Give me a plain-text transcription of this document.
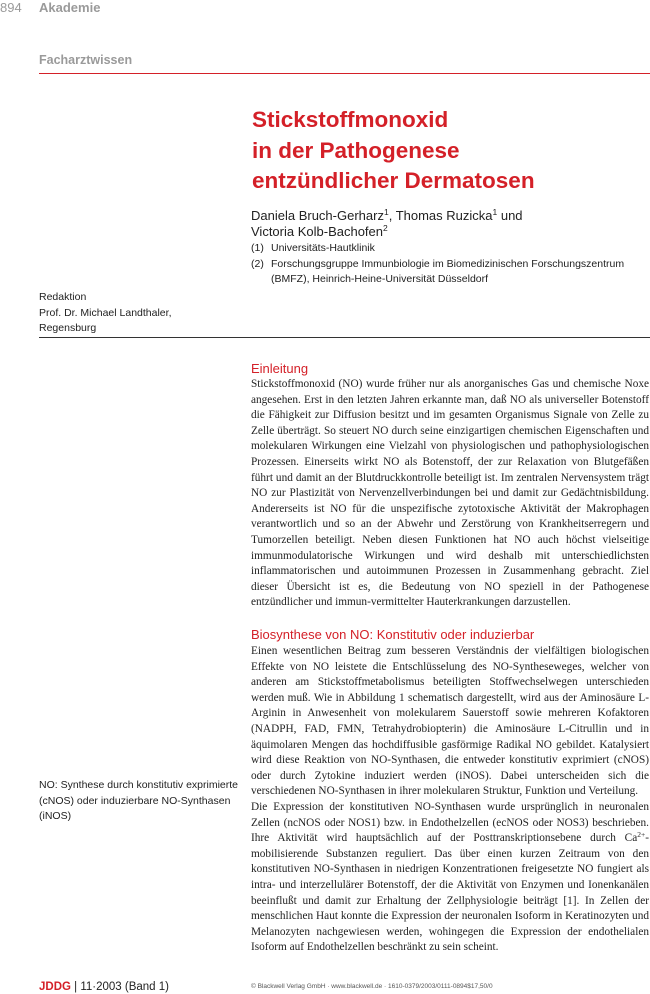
894 Akademie
Facharztwissen
Stickstoffmonoxid
in der Pathogenese
entzündlicher Dermatosen
Daniela Bruch-Gerharz$^1$, Thomas Ruzicka$^1$ und
Victoria Kolb-Bachofen$^2$
(1) Universitäts-Hautklinik
(2) Forschungsgruppe Immunbiologie im Biomedizinischen Forschungszentrum (BMFZ), Heinrich-Heine-Universität Düsseldorf
Redaktion
Prof. Dr. Michael Landthaler,
Regensburg
Einleitung

Stickstoffmonoxid (NO) wurde früher nur als anorganisches Gas und chemische Noxe angesehen. Erst in den letzten Jahren erkannte man, daß NO als universeller Botenstoff die Fähigkeit zur Diffusion besitzt und im gesamten Organismus Signale von Zelle zu Zelle überträgt. So steuert NO durch seine einzigartigen chemischen Eigenschaften und molekularen Wirkungen eine Vielzahl von physiologischen und pathophysiologischen Prozessen. Einerseits wirkt NO als Botenstoff, der zur Relaxation von Blutgefäßen führt und damit an der Blutdruckkontrolle beteiligt ist. Im zentralen Nervensystem trägt NO zur Plastizität von Nervenzellverbindungen bei und damit zur Gedächtnisbildung. Andererseits ist NO für die unspezifische zytotoxische Aktivität der Makrophagen verantwortlich und so an der Abwehr und Zerstörung von Krankheitserregern und Tumorzellen beteiligt. Neben diesen Funktionen hat NO auch höchst vielseitige immunmodulatorische Wirkungen und wird deshalb mit unterschiedlichsten inflammatorischen und autoimmunen Prozessen in Zusammenhang gebracht. Ziel dieser Übersicht ist es, die Bedeutung von NO speziell in der Pathogenese entzündlicher und immun-vermittelter Hauterkrankungen darzustellen.

Biosynthese von NO: Konstitutiv oder induzierbar
Einen wesentlichen Beitrag zum besseren Verständnis der vielfältigen biologischen Effekte von NO leistete die Entschlüsselung des NO-Syntheseweges, welcher von anderen am Stickstoffmetabolismus beteiligten Stoffwechselwegen unterschieden werden muß. Wie in Abbildung 1 schematisch dargestellt, wird aus der Aminosäure L-Arginin in Anwesenheit von molekularem Sauerstoff sowie mehreren Kofaktoren (NADPH, FAD, FMN, Tetrahydrobiopterin) die Aminosäure L-Citrullin und in äquimolaren Mengen das hochdiffusible gasförmige Radikal NO gebildet. Katalysiert wird diese Reaktion von NO-Synthasen, die entweder konstitutiv exprimiert (cNOS) oder durch Zytokine induziert werden (iNOS). Dabei unterscheiden sich die verschiedenen NO-Synthasen in ihrer molekularen Struktur, Funktion und Verteilung.
Die Expression der konstitutiven NO-Synthasen wurde ursprünglich in neuronalen Zellen (ncNOS oder NOS1) bzw. in Endothelzellen (ecNOS oder NOS3) beschrieben. Ihre Aktivität wird hauptsächlich auf der Posttranskriptionsebene durch $Ca^{2+}$-mobilisierende Substanzen reguliert. Das über einen kurzen Zeitraum von den konstitutiven NO-Synthasen in niedrigen Konzentrationen freigesetzte NO fungiert als intra- und interzellulärer Botenstoff, der die Aktivität von Enzymen und Ionenkanälen beeinflußt und damit zur Erhaltung der Zellphysiologie beiträgt [1]. In Zellen der menschlichen Haut konnte die Expression der neuronalen Isoform in Keratinozyten und Melanozyten nachgewiesen werden, wohingegen die Expression der endothelialen Isoform auf Endothelzellen beschränkt zu sein scheint.
NO: Synthese durch konstitutiv exprimierte (cNOS) oder induzierbare NO-Synthasen (iNOS)
JDDG | 11·2003 (Band 1)	© Blackwell Verlag GmbH · www.blackwell.de · 1610-0379/2003/0111-0894$17,50/0
